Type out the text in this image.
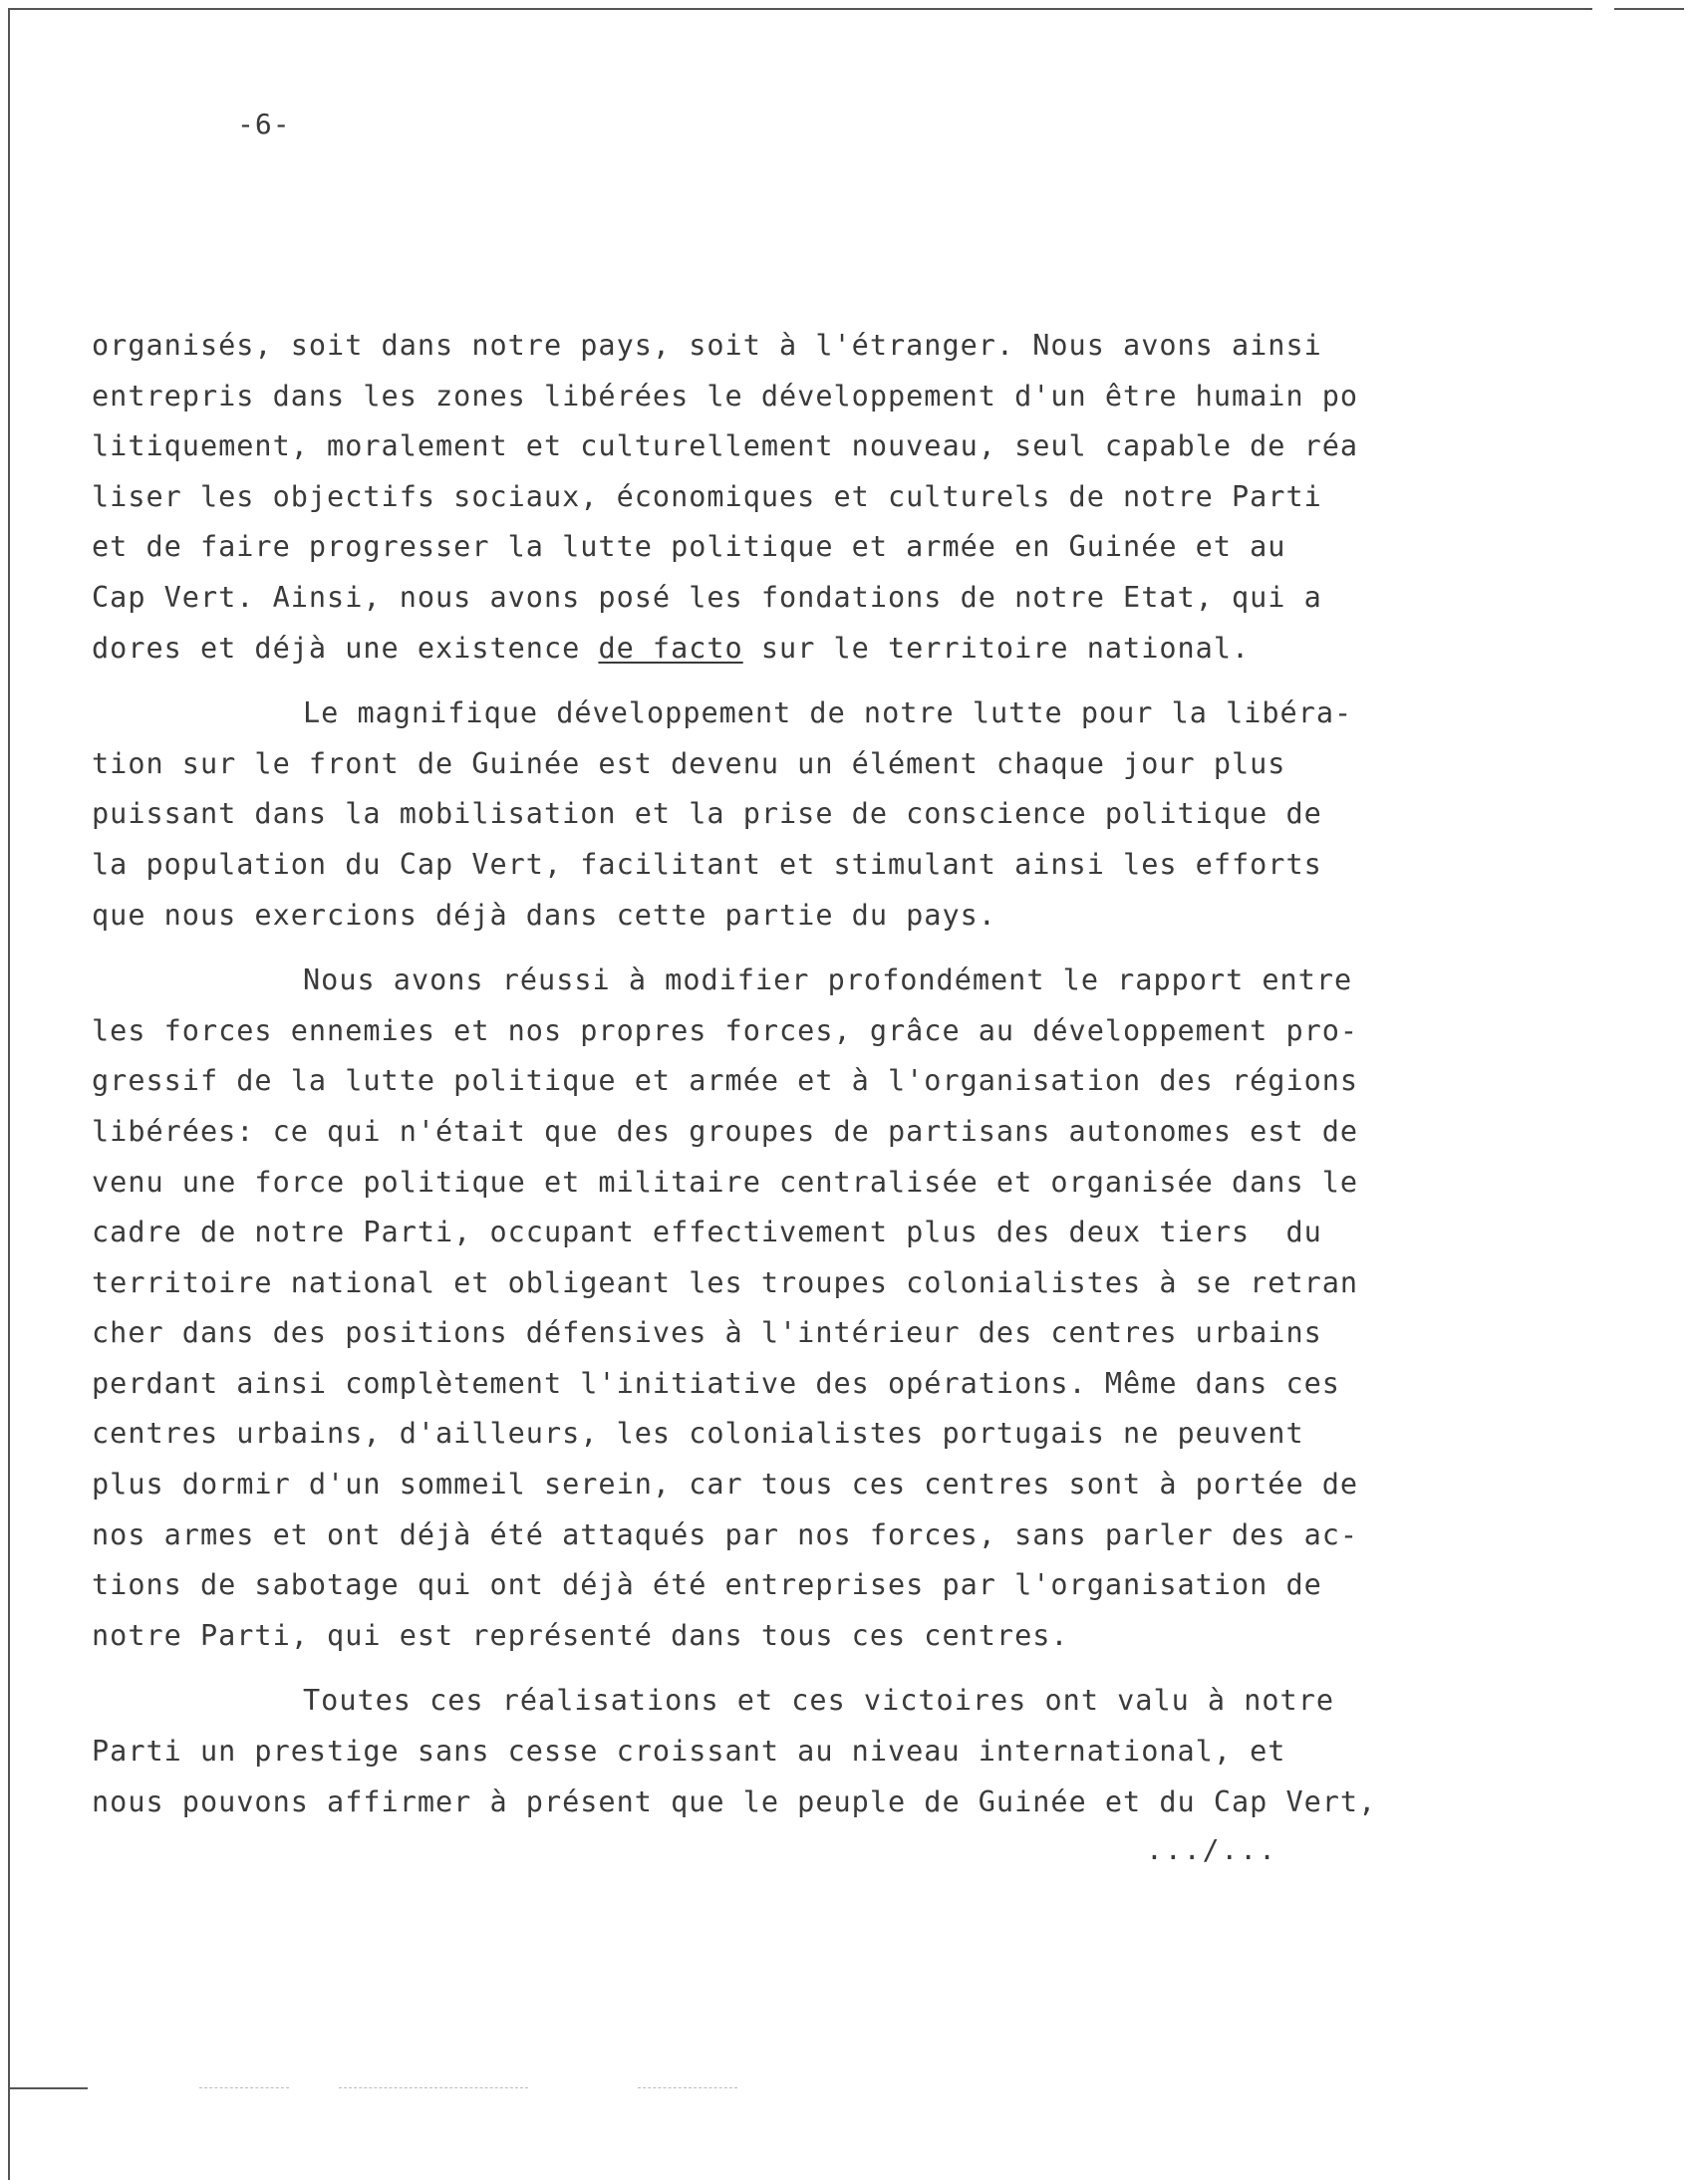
-6-

organisés, soit dans notre pays, soit à l'étranger. Nous avons ainsi
entrepris dans les zones libérées le développement d'un être humain po
litiquement, moralement et culturellement nouveau, seul capable de réa
liser les objectifs sociaux, économiques et culturels de notre Parti
et de faire progresser la lutte politique et armée en Guinée et au
Cap Vert. Ainsi, nous avons posé les fondations de notre Etat, qui a
dores et déjà une existence de facto sur le territoire national.

Le magnifique développement de notre lutte pour la libéra-
tion sur le front de Guinée est devenu un élément chaque jour plus
puissant dans la mobilisation et la prise de conscience politique de
la population du Cap Vert, facilitant et stimulant ainsi les efforts
que nous exercions déjà dans cette partie du pays.

Nous avons réussi à modifier profondément le rapport entre
les forces ennemies et nos propres forces, grâce au développement pro-
gressif de la lutte politique et armée et à l'organisation des régions
libérées: ce qui n'était que des groupes de partisans autonomes est de
venu une force politique et militaire centralisée et organisée dans le
cadre de notre Parti, occupant effectivement plus des deux tiers  du
territoire national et obligeant les troupes colonialistes à se retran
cher dans des positions défensives à l'intérieur des centres urbains
perdant ainsi complètement l'initiative des opérations. Même dans ces
centres urbains, d'ailleurs, les colonialistes portugais ne peuvent
plus dormir d'un sommeil serein, car tous ces centres sont à portée de
nos armes et ont déjà été attaqués par nos forces, sans parler des ac-
tions de sabotage qui ont déjà été entreprises par l'organisation de
notre Parti, qui est représenté dans tous ces centres.

Toutes ces réalisations et ces victoires ont valu à notre
Parti un prestige sans cesse croissant au niveau international, et
nous pouvons affirmer à présent que le peuple de Guinée et du Cap Vert,

.../...
